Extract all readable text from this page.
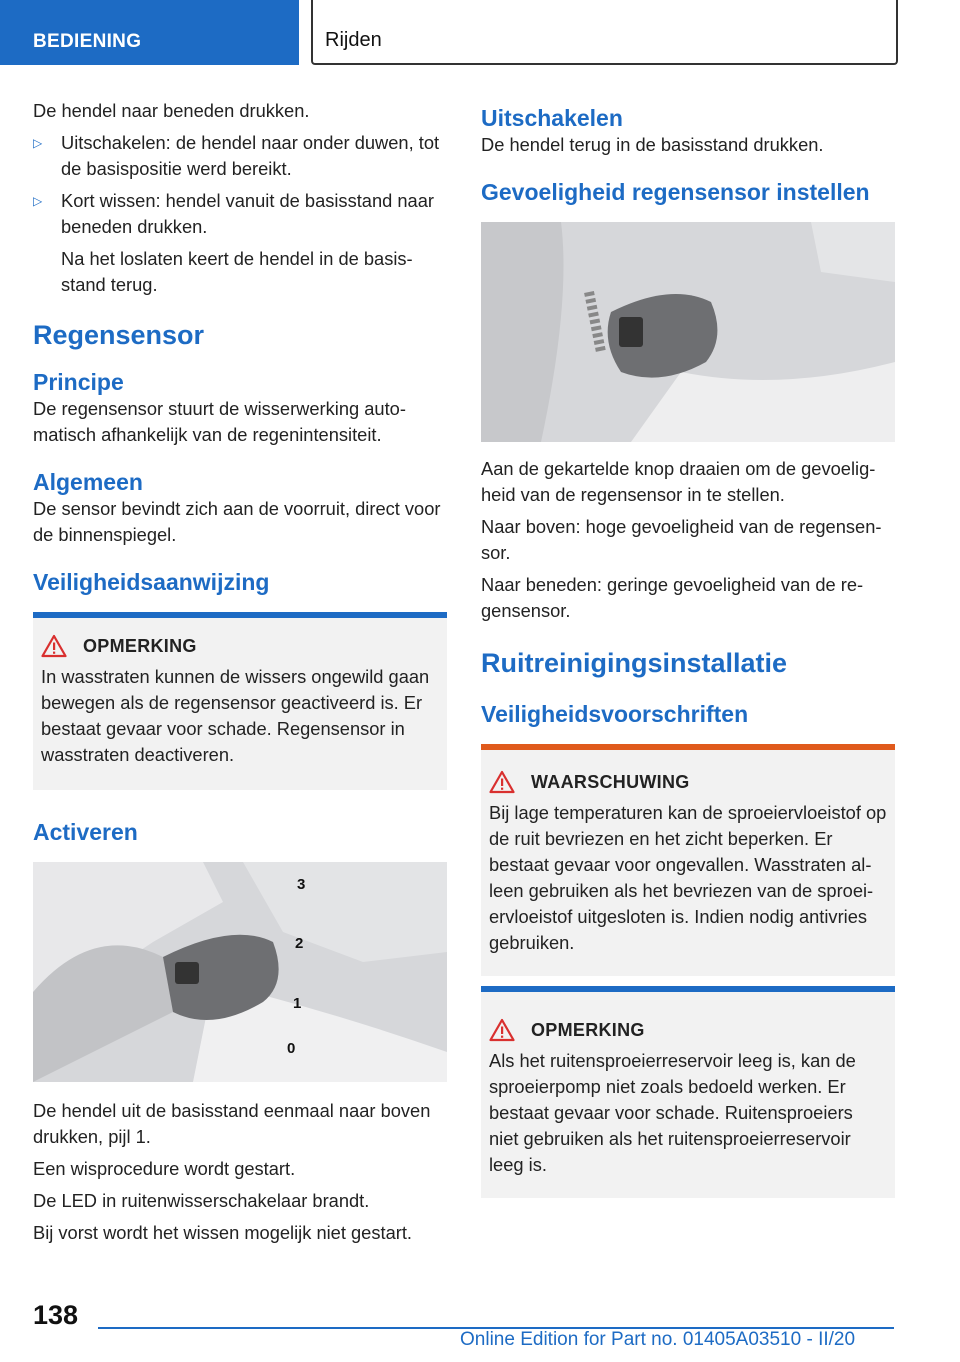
BEDIENING	Rijden

De hendel naar beneden drukken.

▷	Uitschakelen: de hendel naar onder duwen, tot de basispositie werd bereikt.

▷	Kort wissen: hendel vanuit de basisstand naar beneden drukken.

Na het loslaten keert de hendel in de basis-stand terug.

Regensensor
Principe

De regensensor stuurt de wisserwerking auto-matisch afhankelijk van de regenintensiteit.

Algemeen

De sensor bevindt zich aan de voorruit, direct voor de binnenspiegel.

Veiligheidsaanwijzing
OPMERKING

In wasstraten kunnen de wissers ongewild gaan bewegen als de regensensor geactiveerd is. Er bestaat gevaar voor schade. Regensensor in wasstraten deactiveren.

Activeren
3
2
1
0

De hendel uit de basisstand eenmaal naar boven drukken, pijl 1.

Een wisprocedure wordt gestart.

De LED in ruitenwisserschakelaar brandt.

Bij vorst wordt het wissen mogelijk niet gestart.

Uitschakelen

De hendel terug in de basisstand drukken.

Gevoeligheid regensensor instellen

Aan de gekartelde knop draaien om de gevoelig-heid van de regensensor in te stellen.

Naar boven: hoge gevoeligheid van de regensen-sor.

Naar beneden: geringe gevoeligheid van de re-gensensor.

Ruitreinigingsinstallatie
Veiligheidsvoorschriften
WAARSCHUWING

Bij lage temperaturen kan de sproeiervloeistof op de ruit bevriezen en het zicht beperken. Er bestaat gevaar voor ongevallen. Wasstraten al-leen gebruiken als het bevriezen van de sproei-ervloeistof uitgesloten is. Indien nodig antivries gebruiken.

OPMERKING

Als het ruitensproeierreservoir leeg is, kan de sproeierpomp niet zoals bedoeld werken. Er bestaat gevaar voor schade. Ruitensproeiers niet gebruiken als het ruitensproeierreservoir leeg is.

138
Online Edition for Part no. 01405A03510 - II/20
